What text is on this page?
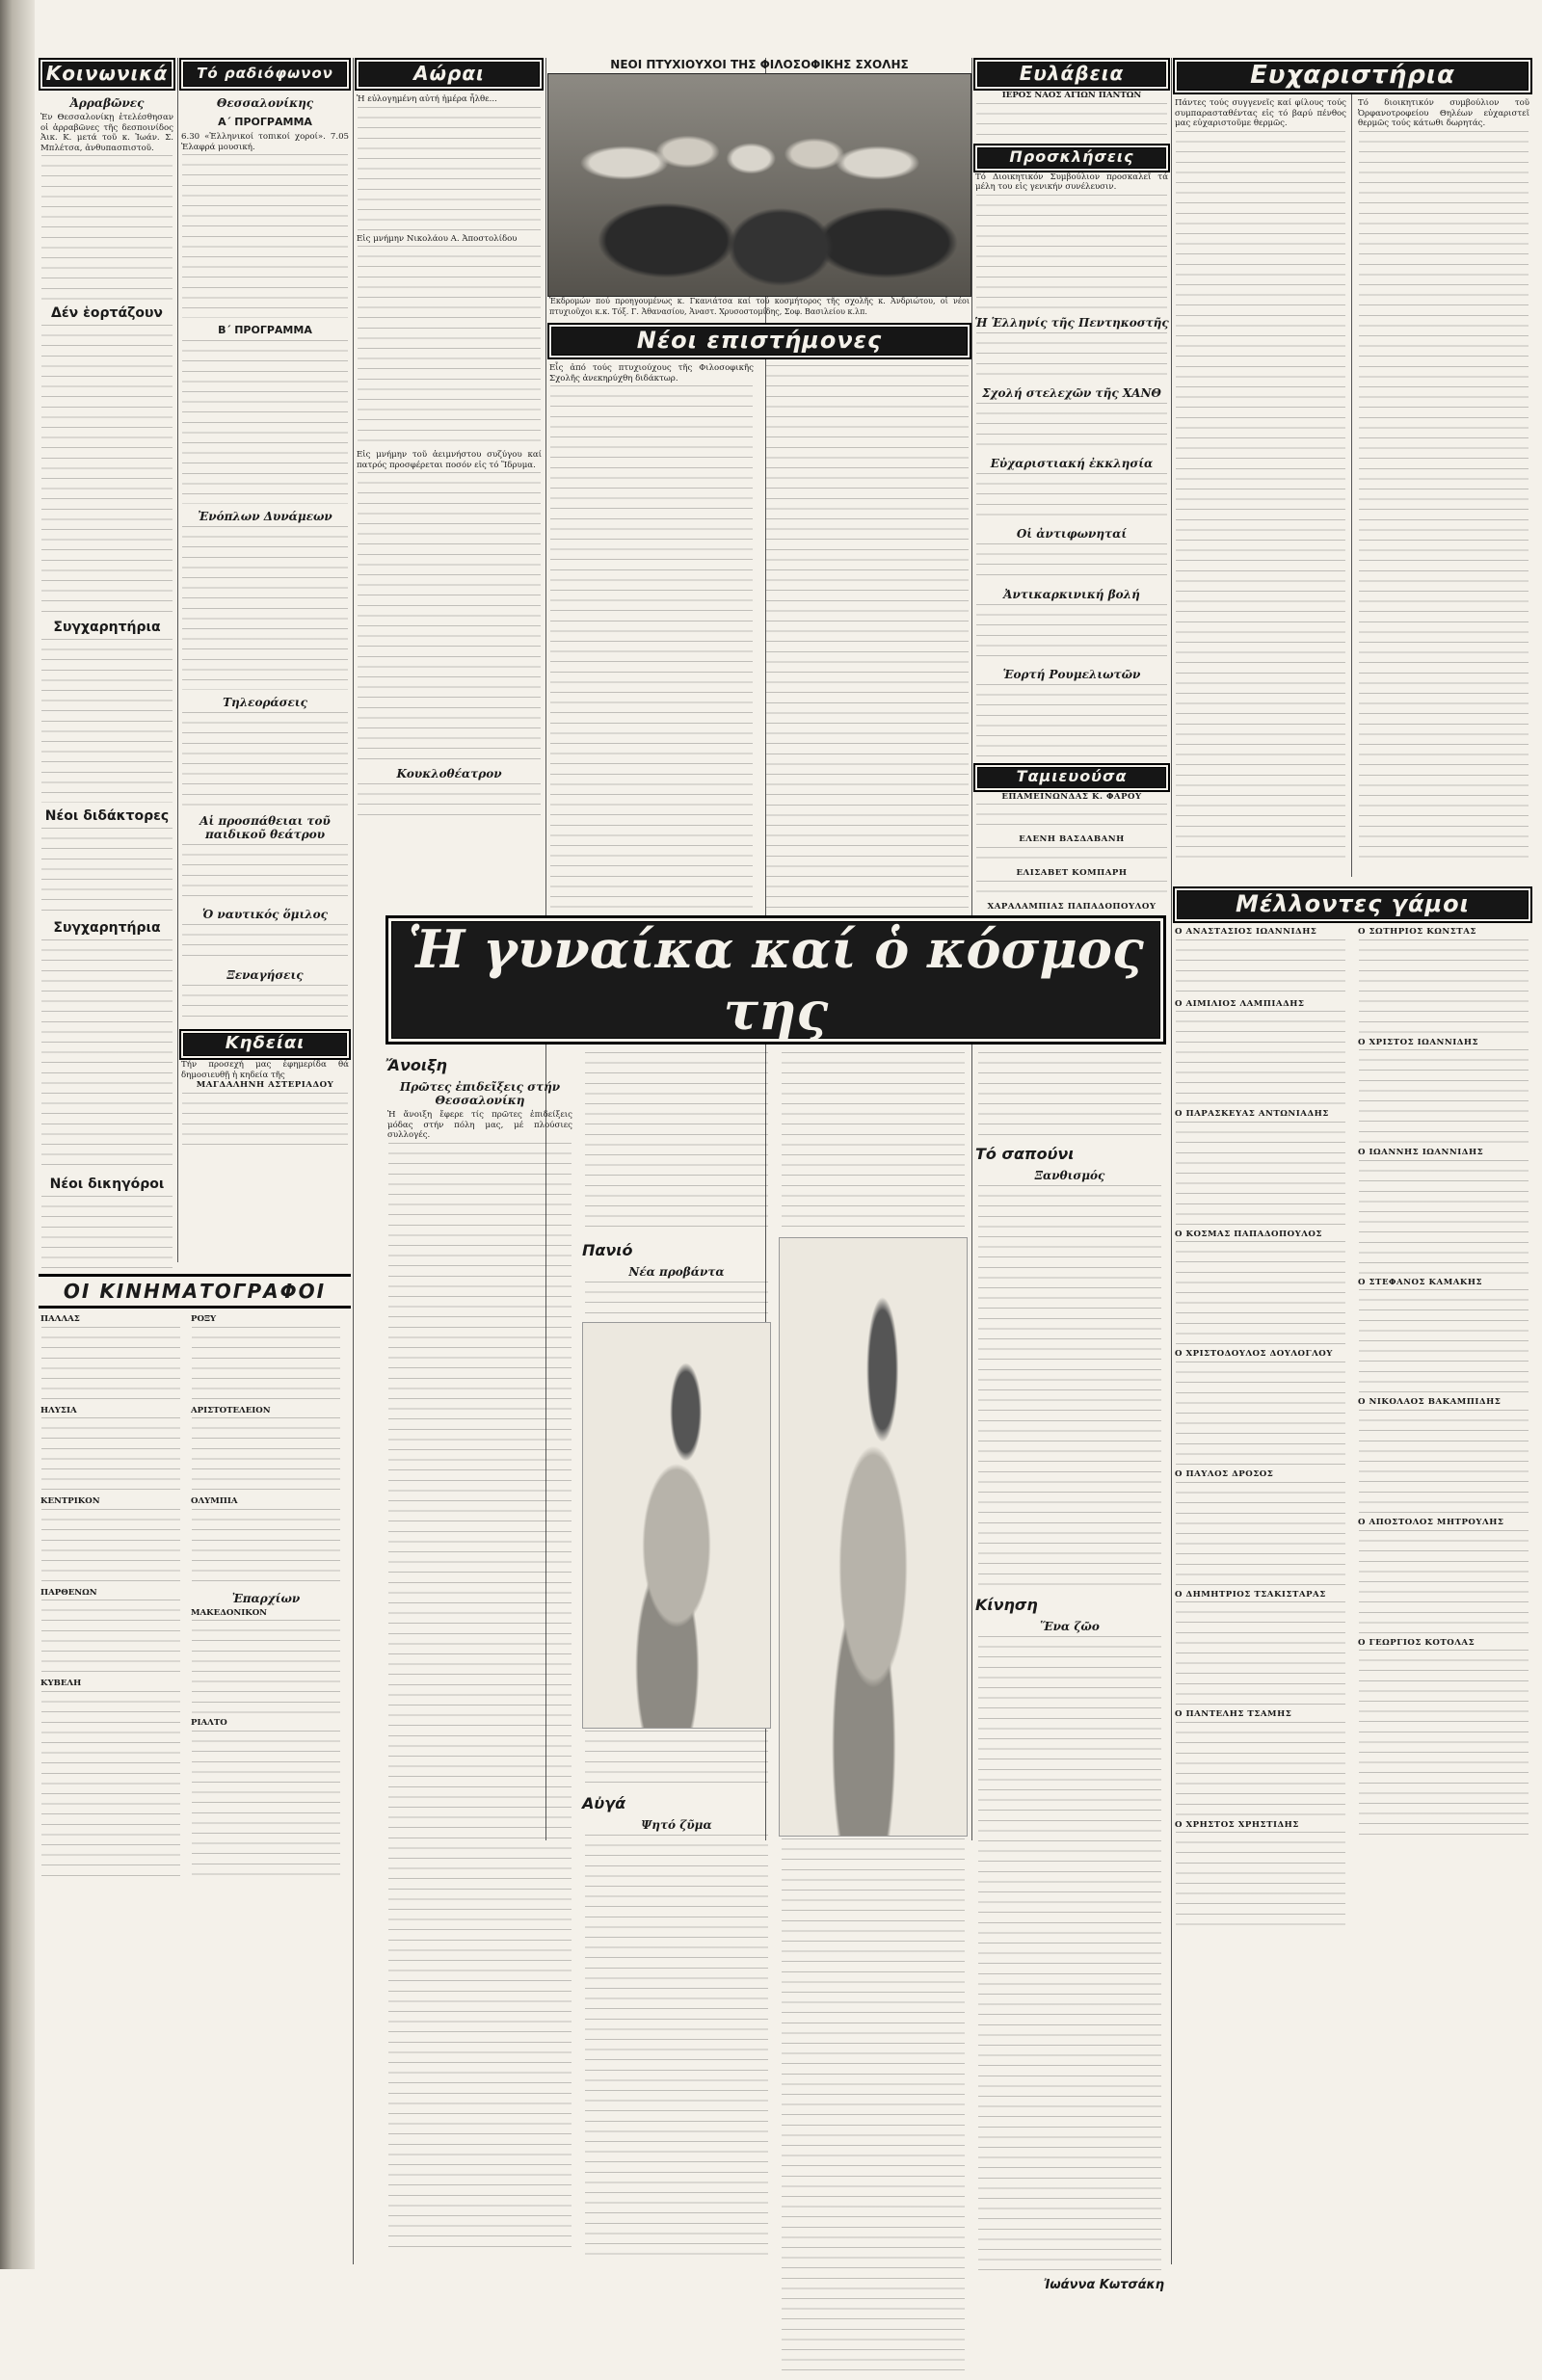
Κοινωνικά
Ἀρραβῶνες
Ἐν Θεσσαλονίκῃ ἐτελέσθησαν οἱ ἀρραβῶνες τῆς δεσποινίδος Ἀικ. Κ. μετά τοῦ κ. Ἰωάν. Σ. Μπλέτσα, ἀνθυπασπιστοῦ.
Δέν ἑορτάζουν
Συγχαρητήρια
Νέοι διδάκτορες
Συγχαρητήρια
Νέοι δικηγόροι
ΟΙ ΚΙΝΗΜΑΤΟΓΡΑΦΟΙ
ΠΑΛΛΑΣ
ΗΛΥΣΙΑ
ΚΕΝΤΡΙΚΟΝ
ΠΑΡΘΕΝΩΝ
ΚΥΒΕΛΗ
ΡΟΞΥ
ΑΡΙΣΤΟΤΕΛΕΙΟΝ
ΟΛΥΜΠΙΑ
Ἐπαρχίων
ΜΑΚΕΔΟΝΙΚΟΝ
ΡΙΑΛΤΟ
Τό ραδιόφωνον
Θεσσαλονίκης
Α΄ ΠΡΟΓΡΑΜΜΑ
6.30 «Ἑλληνικοί τοπικοί χοροί». 7.05 Ἐλαφρά μουσική.
Β΄ ΠΡΟΓΡΑΜΜΑ
Ἐνόπλων Δυνάμεων
Τηλεοράσεις
Αἱ προσπάθειαι τοῦ παιδικοῦ θεάτρου
Ὁ ναυτικός ὅμιλος
Ξεναγήσεις
Κηδείαι
Τήν προσεχή μας ἐφημερίδα θά δημοσιευθῇ ἡ κηδεία τῆς
ΜΑΓΔΑΛΗΝΗ ΑΣΤΕΡΙΑΔΟΥ
Αώραι
Ἡ εὐλογημένη αὐτή ἡμέρα ἦλθε...
Εἰς μνήμην Νικολάου Α. Ἀποστολίδου
Εἰς μνήμην τοῦ ἀειμνήστου συζύγου καί πατρός προσφέρεται ποσόν εἰς τό Ἵδρυμα.
Κουκλοθέατρον
ΝΕΟΙ ΠΤΥΧΙΟΥΧΟΙ ΤΗΣ ΦΙΛΟΣΟΦΙΚΗΣ ΣΧΟΛΗΣ
Ἐκδρομών πού προηγουμένως κ. Γκανιάτσα καί τού κοσμήτορος τῆς σχολῆς κ. Ἀνδριώτου, οἱ νέοι πτυχιοῦχοι κ.κ. Τόξ. Γ. Ἀθανασίου, Ἀναστ. Χρυσοστομίδης, Σοφ. Βασιλείου κ.λπ.
Νέοι επιστήμονες
Εἶς ἀπό τούς πτυχιούχους τῆς Φιλοσοφικῆς Σχολῆς ἀνεκηρύχθη διδάκτωρ.
Ευλάβεια
ΙΕΡΟΣ ΝΑΟΣ ΑΓΙΩΝ ΠΑΝΤΩΝ
Προσκλήσεις
Τό Διοικητικόν Συμβούλιον προσκαλεῖ τά μέλη του εἰς γενικήν συνέλευσιν.
Ἡ Ἑλληνίς τῆς Πεντηκοστῆς
Σχολή στελεχῶν τῆς ΧΑΝΘ
Εὐχαριστιακή ἐκκλησία
Οἱ ἀντιφωνηταί
Ἀντικαρκινική βολή
Ἑορτή Ρουμελιωτῶν
Ταμιευούσα
ΕΠΑΜΕΙΝΩΝΔΑΣ Κ. ΦΑΡΟΥ
ΕΛΕΝΗ ΒΑΣΔΑΒΑΝΗ
ΕΛΙΣΑΒΕΤ ΚΟΜΠΑΡΗ
ΧΑΡΑΛΑΜΠΙΑΣ ΠΑΠΑΔΟΠΟΥΛΟΥ
Ευχαριστήρια
Πάντες τούς συγγενεῖς καί φίλους τούς συμπαρασταθέντας εἰς τό βαρύ πένθος μας εὐχαριστοῦμε θερμῶς.
Τό διοικητικόν συμβούλιον τοῦ Ὀρφανοτροφείου Θηλέων εὐχαριστεῖ θερμῶς τούς κάτωθι δωρητάς.
Μέλλοντες γάμοι
Ο ΑΝΑΣΤΑΣΙΟΣ ΙΩΑΝΝΙΔΗΣ
Ο ΑΙΜΙΛΙΟΣ ΛΑΜΠΙΑΔΗΣ
Ο ΠΑΡΑΣΚΕΥΑΣ ΑΝΤΩΝΙΑΔΗΣ
Ο ΚΟΣΜΑΣ ΠΑΠΑΔΟΠΟΥΛΟΣ
Ο ΧΡΙΣΤΟΔΟΥΛΟΣ ΔΟΥΛΟΓΛΟΥ
Ο ΠΑΥΛΟΣ ΔΡΟΣΟΣ
Ο ΔΗΜΗΤΡΙΟΣ ΤΣΑΚΙΣΤΑΡΑΣ
Ο ΠΑΝΤΕΛΗΣ ΤΣΑΜΗΣ
Ο ΧΡΗΣΤΟΣ ΧΡΗΣΤΙΔΗΣ
Ο ΣΩΤΗΡΙΟΣ ΚΩΝΣΤΑΣ
Ο ΧΡΙΣΤΟΣ ΙΩΑΝΝΙΔΗΣ
Ο ΙΩΑΝΝΗΣ ΙΩΑΝΝΙΔΗΣ
Ο ΣΤΕΦΑΝΟΣ ΚΑΜΑΚΗΣ
Ο ΝΙΚΟΛΑΟΣ ΒΑΚΑΜΠΙΔΗΣ
Ο ΑΠΟΣΤΟΛΟΣ ΜΗΤΡΟΥΛΗΣ
Ο ΓΕΩΡΓΙΟΣ ΚΟΤΟΛΑΣ
Ἡ γυναίκα καί ὁ κόσμος της
Ἄνοιξη
Πρῶτες ἐπιδεῖξεις στήν Θεσσαλονίκη
Ἡ ἄνοιξη ἔφερε τίς πρῶτες ἐπιδείξεις μόδας στήν πόλη μας, μέ πλούσιες συλλογές.
Πανιό
Νέα προβάντα
Αὐγά
Ψητό ζῦμα
Τό σαπούνι
Ξανθισμός
Κίνηση
Ἕνα ζῶο
Ἰωάννα Κωτσάκη
